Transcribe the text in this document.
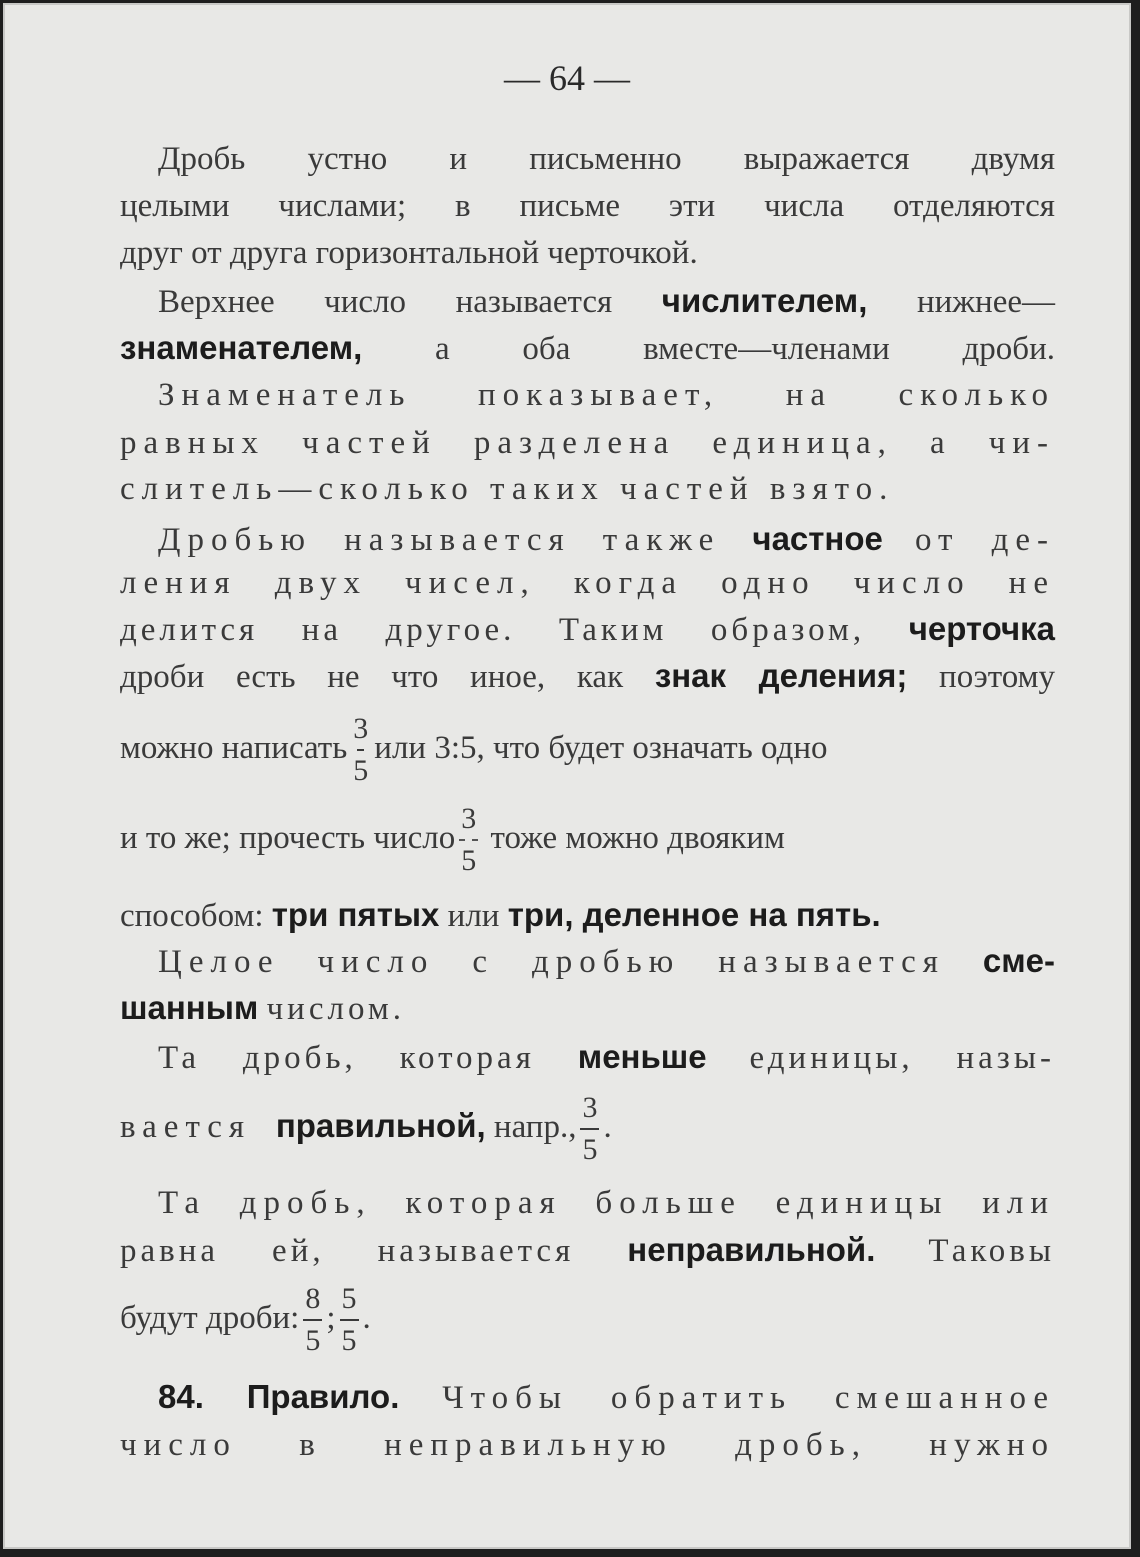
— 64 —
Дробь устно и письменно выражается двумя
целыми числами; в письме эти числа отделяются
друг от друга горизонтальной черточкой.
Верхнее число называется числителем, нижнее—
знаменателем, а оба вместе—членами дроби.
Знаменатель показывает, на сколько
равных частей разделена единица, а чи-
слитель—сколько таких частей взято.
Дробью называется также частное от де-
ления двух чисел, когда одно число не
делится на другое. Таким образом, черточка
дроби есть не что иное, как знак деления; поэтому
можно написать $\frac{3}{5}$ или 3:5, что будет означать одно
и то же; прочесть число $\frac{3}{5}$ тоже можно двояким
способом: три пятых или три, деленное на пять.
Целое число с дробью называется сме-
шанным числом.
Та дробь, которая меньше единицы, назы-
вается правильной, напр., $\frac{3}{5}$ .
Та дробь, которая больше единицы или
равна ей, называется неправильной. Таковы
будут дроби: $\frac{8}{5}$ ; $\frac{5}{5}$ .
84. Правило. Чтобы обратить смешанное
число в неправильную дробь, нужно
